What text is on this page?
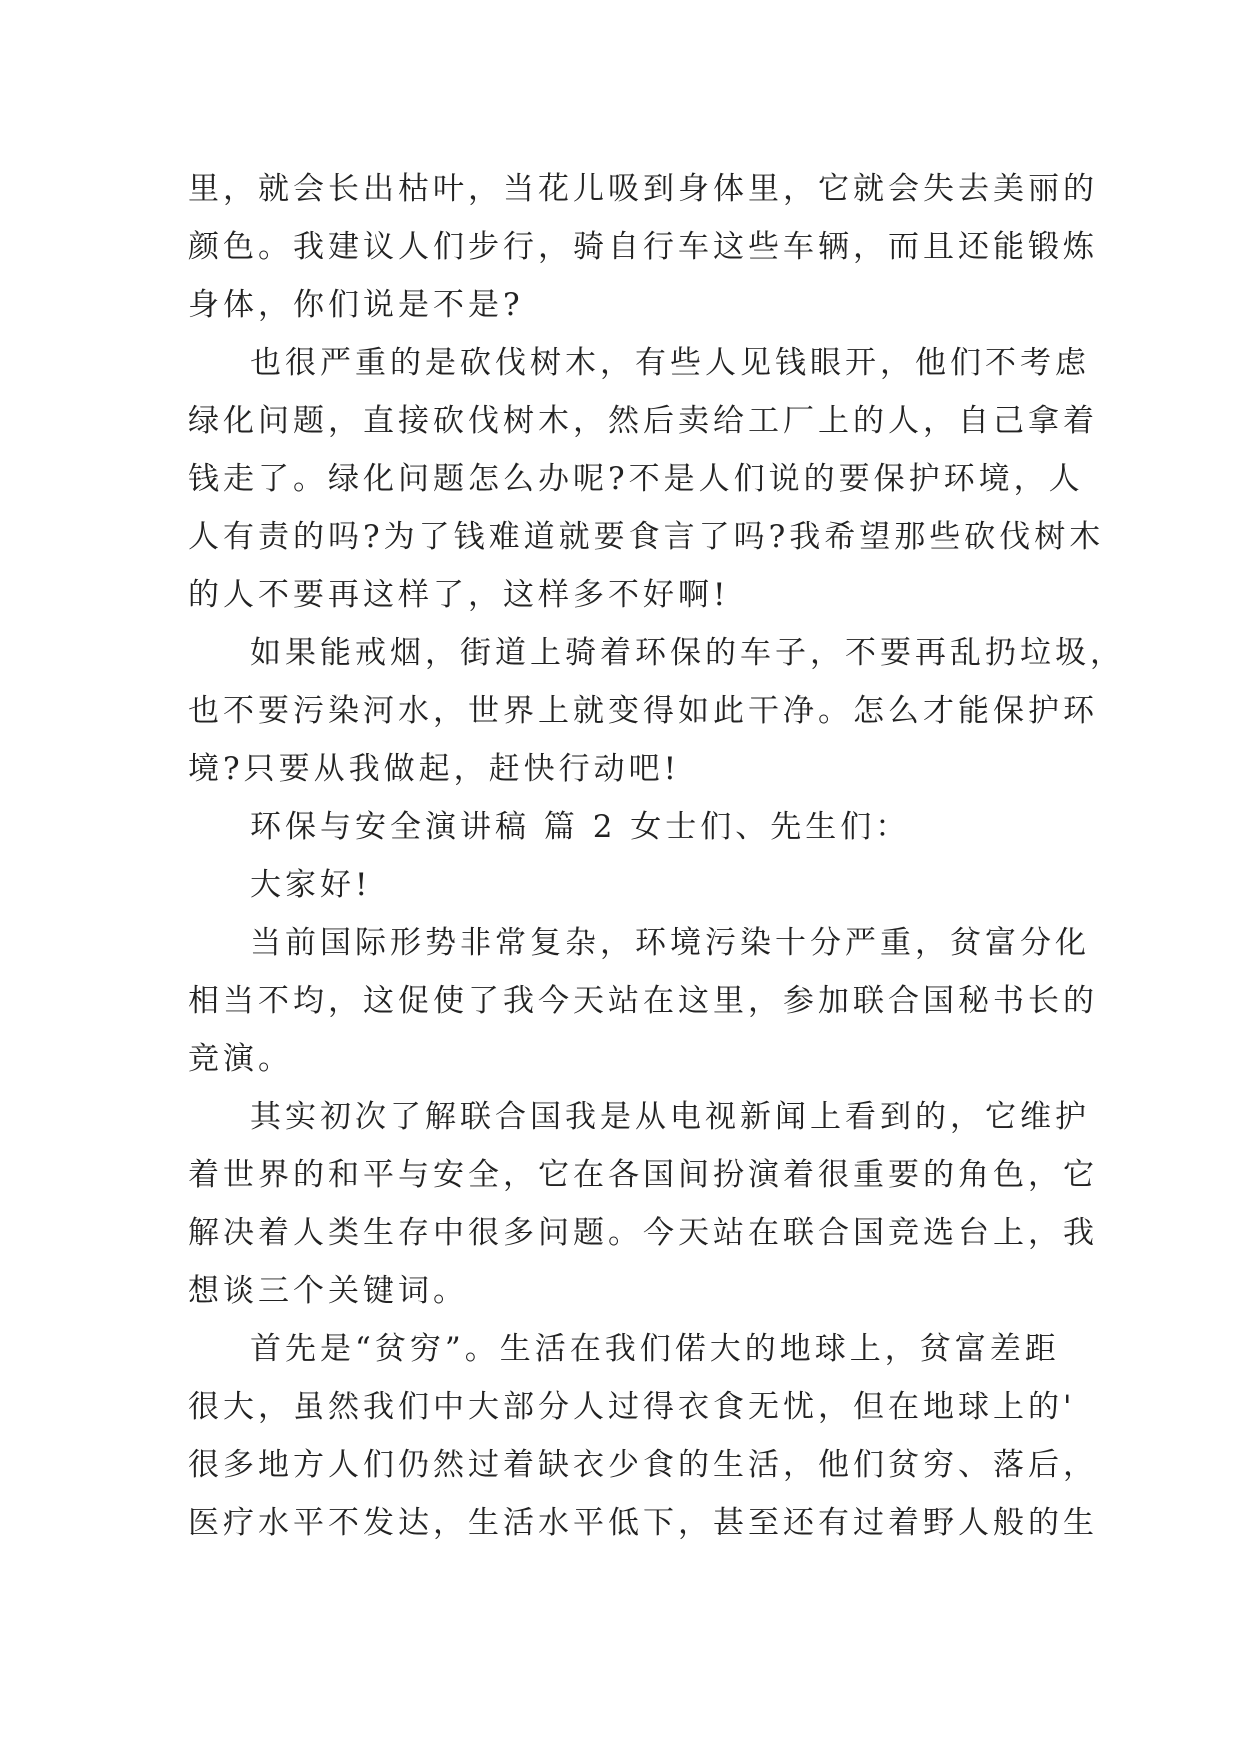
里，就会长出枯叶，当花儿吸到身体里，它就会失去美丽的
颜色。我建议人们步行，骑自行车这些车辆，而且还能锻炼
身体，你们说是不是?
也很严重的是砍伐树木，有些人见钱眼开，他们不考虑
绿化问题，直接砍伐树木，然后卖给工厂上的人，自己拿着
钱走了。绿化问题怎么办呢?不是人们说的要保护环境，人
人有责的吗?为了钱难道就要食言了吗?我希望那些砍伐树木
的人不要再这样了，这样多不好啊!
如果能戒烟，街道上骑着环保的车子，不要再乱扔垃圾，
也不要污染河水，世界上就变得如此干净。怎么才能保护环
境?只要从我做起，赶快行动吧!
环保与安全演讲稿 篇 2 女士们、先生们：
大家好!
当前国际形势非常复杂，环境污染十分严重，贫富分化
相当不均，这促使了我今天站在这里，参加联合国秘书长的
竞演。
其实初次了解联合国我是从电视新闻上看到的，它维护
着世界的和平与安全，它在各国间扮演着很重要的角色，它
解决着人类生存中很多问题。今天站在联合国竞选台上，我
想谈三个关键词。
首先是“贫穷”。生活在我们偌大的地球上，贫富差距
很大，虽然我们中大部分人过得衣食无忧，但在地球上的'
很多地方人们仍然过着缺衣少食的生活，他们贫穷、落后，
医疗水平不发达，生活水平低下，甚至还有过着野人般的生
